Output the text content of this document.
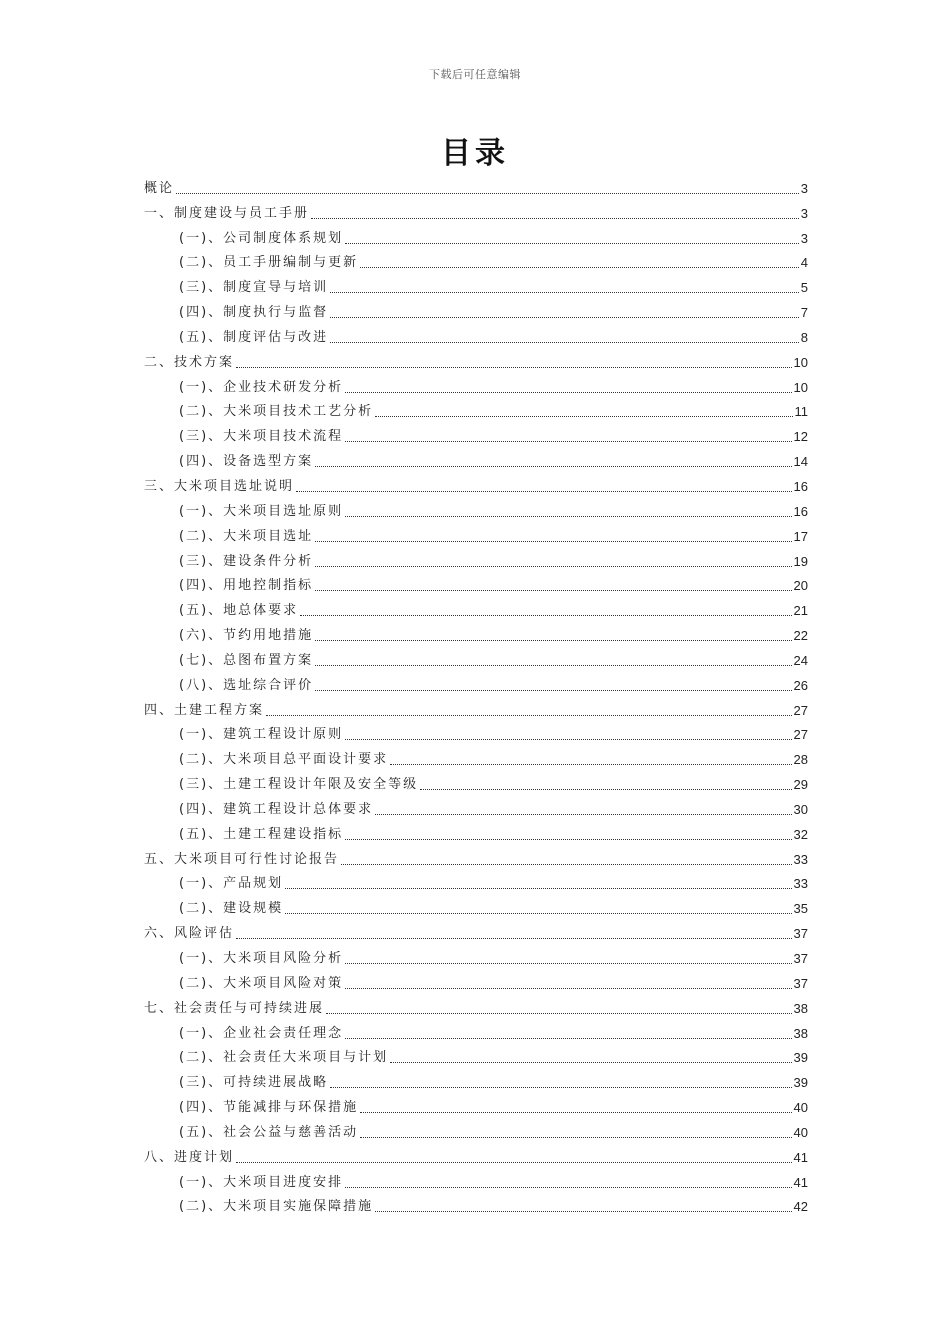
下载后可任意编辑
目录
概论	3
一、制度建设与员工手册	3
(一)、公司制度体系规划	3
(二)、员工手册编制与更新	4
(三)、制度宣导与培训	5
(四)、制度执行与监督	7
(五)、制度评估与改进	8
二、技术方案	10
(一)、企业技术研发分析	10
(二)、大米项目技术工艺分析	11
(三)、大米项目技术流程	12
(四)、设备选型方案	14
三、大米项目选址说明	16
(一)、大米项目选址原则	16
(二)、大米项目选址	17
(三)、建设条件分析	19
(四)、用地控制指标	20
(五)、地总体要求	21
(六)、节约用地措施	22
(七)、总图布置方案	24
(八)、选址综合评价	26
四、土建工程方案	27
(一)、建筑工程设计原则	27
(二)、大米项目总平面设计要求	28
(三)、土建工程设计年限及安全等级	29
(四)、建筑工程设计总体要求	30
(五)、土建工程建设指标	32
五、大米项目可行性讨论报告	33
(一)、产品规划	33
(二)、建设规模	35
六、风险评估	37
(一)、大米项目风险分析	37
(二)、大米项目风险对策	37
七、社会责任与可持续进展	38
(一)、企业社会责任理念	38
(二)、社会责任大米项目与计划	39
(三)、可持续进展战略	39
(四)、节能减排与环保措施	40
(五)、社会公益与慈善活动	40
八、进度计划	41
(一)、大米项目进度安排	41
(二)、大米项目实施保障措施	42
